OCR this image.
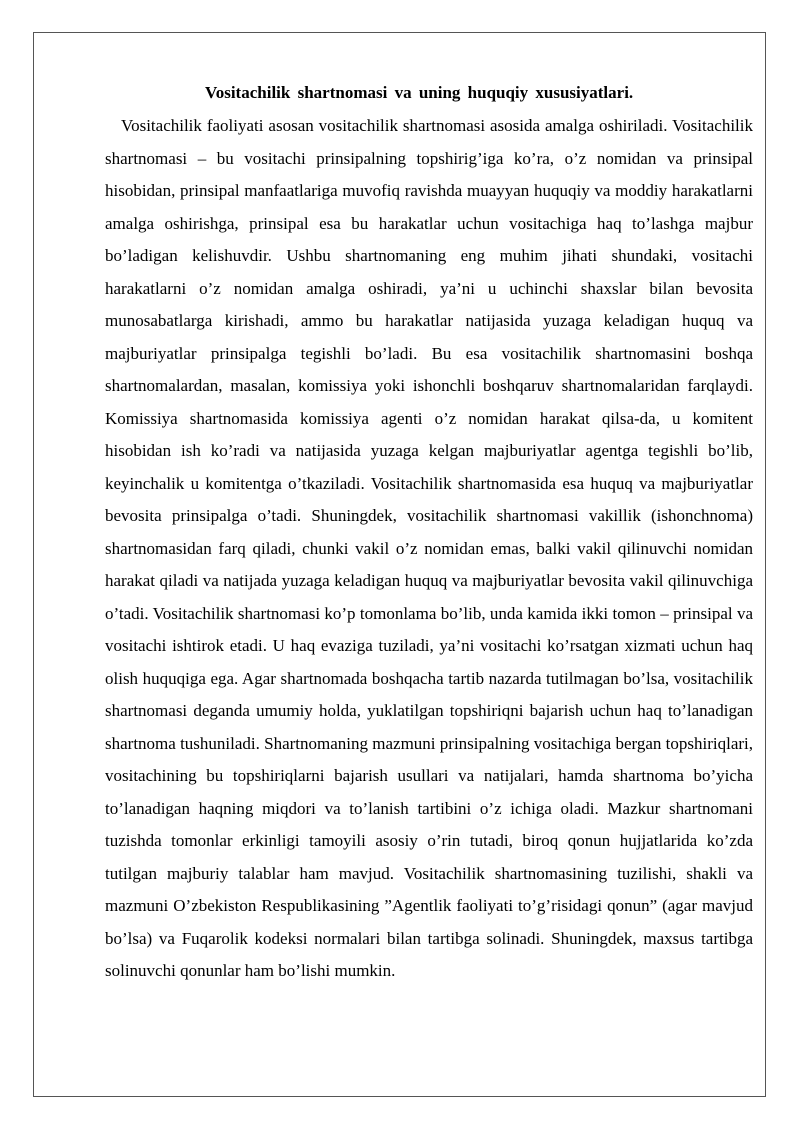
Vositachilik shartnomasi va uning huquqiy xususiyatlari.

Vositachilik faoliyati asosan vositachilik shartnomasi asosida amalga oshiriladi. Vositachilik shartnomasi – bu vositachi prinsipalning topshirig’iga ko’ra, o’z nomidan va prinsipal hisobidan, prinsipal manfaatlariga muvofiq ravishda muayyan huquqiy va moddiy harakatlarni amalga oshirishga, prinsipal esa bu harakatlar uchun vositachiga haq to’lashga majbur bo’ladigan kelishuvdir. Ushbu shartnomaning eng muhim jihati shundaki, vositachi harakatlarni o’z nomidan amalga oshiradi, ya’ni u uchinchi shaxslar bilan bevosita munosabatlarga kirishadi, ammo bu harakatlar natijasida yuzaga keladigan huquq va majburiyatlar prinsipalga tegishli bo’ladi. Bu esa vositachilik shartnomasini boshqa shartnomalardan, masalan, komissiya yoki ishonchli boshqaruv shartnomalaridan farqlaydi. Komissiya shartnomasida komissiya agenti o’z nomidan harakat qilsa-da, u komitent hisobidan ish ko’radi va natijasida yuzaga kelgan majburiyatlar agentga tegishli bo’lib, keyinchalik u komitentga o’tkaziladi. Vositachilik shartnomasida esa huquq va majburiyatlar bevosita prinsipalga o’tadi. Shuningdek, vositachilik shartnomasi vakillik (ishonchnoma) shartnomasidan farq qiladi, chunki vakil o’z nomidan emas, balki vakil qilinuvchi nomidan harakat qiladi va natijada yuzaga keladigan huquq va majburiyatlar bevosita vakil qilinuvchiga o’tadi. Vositachilik shartnomasi ko’p tomonlama bo’lib, unda kamida ikki tomon – prinsipal va vositachi ishtirok etadi. U haq evaziga tuziladi, ya’ni vositachi ko’rsatgan xizmati uchun haq olish huquqiga ega. Agar shartnomada boshqacha tartib nazarda tutilmagan bo’lsa, vositachilik shartnomasi deganda umumiy holda, yuklatilgan topshiriqni bajarish uchun haq to’lanadigan shartnoma tushuniladi. Shartnomaning mazmuni prinsipalning vositachiga bergan topshiriqlari, vositachining bu topshiriqlarni bajarish usullari va natijalari, hamda shartnoma bo’yicha to’lanadigan haqning miqdori va to’lanish tartibini o’z ichiga oladi. Mazkur shartnomani tuzishda tomonlar erkinligi tamoyili asosiy o’rin tutadi, biroq qonun hujjatlarida ko’zda tutilgan majburiy talablar ham mavjud. Vositachilik shartnomasining tuzilishi, shakli va mazmuni O’zbekiston Respublikasining ”Agentlik faoliyati to’g’risidagi qonun” (agar mavjud bo’lsa) va Fuqarolik kodeksi normalari bilan tartibga solinadi. Shuningdek, maxsus tartibga solinuvchi qonunlar ham bo’lishi mumkin.
